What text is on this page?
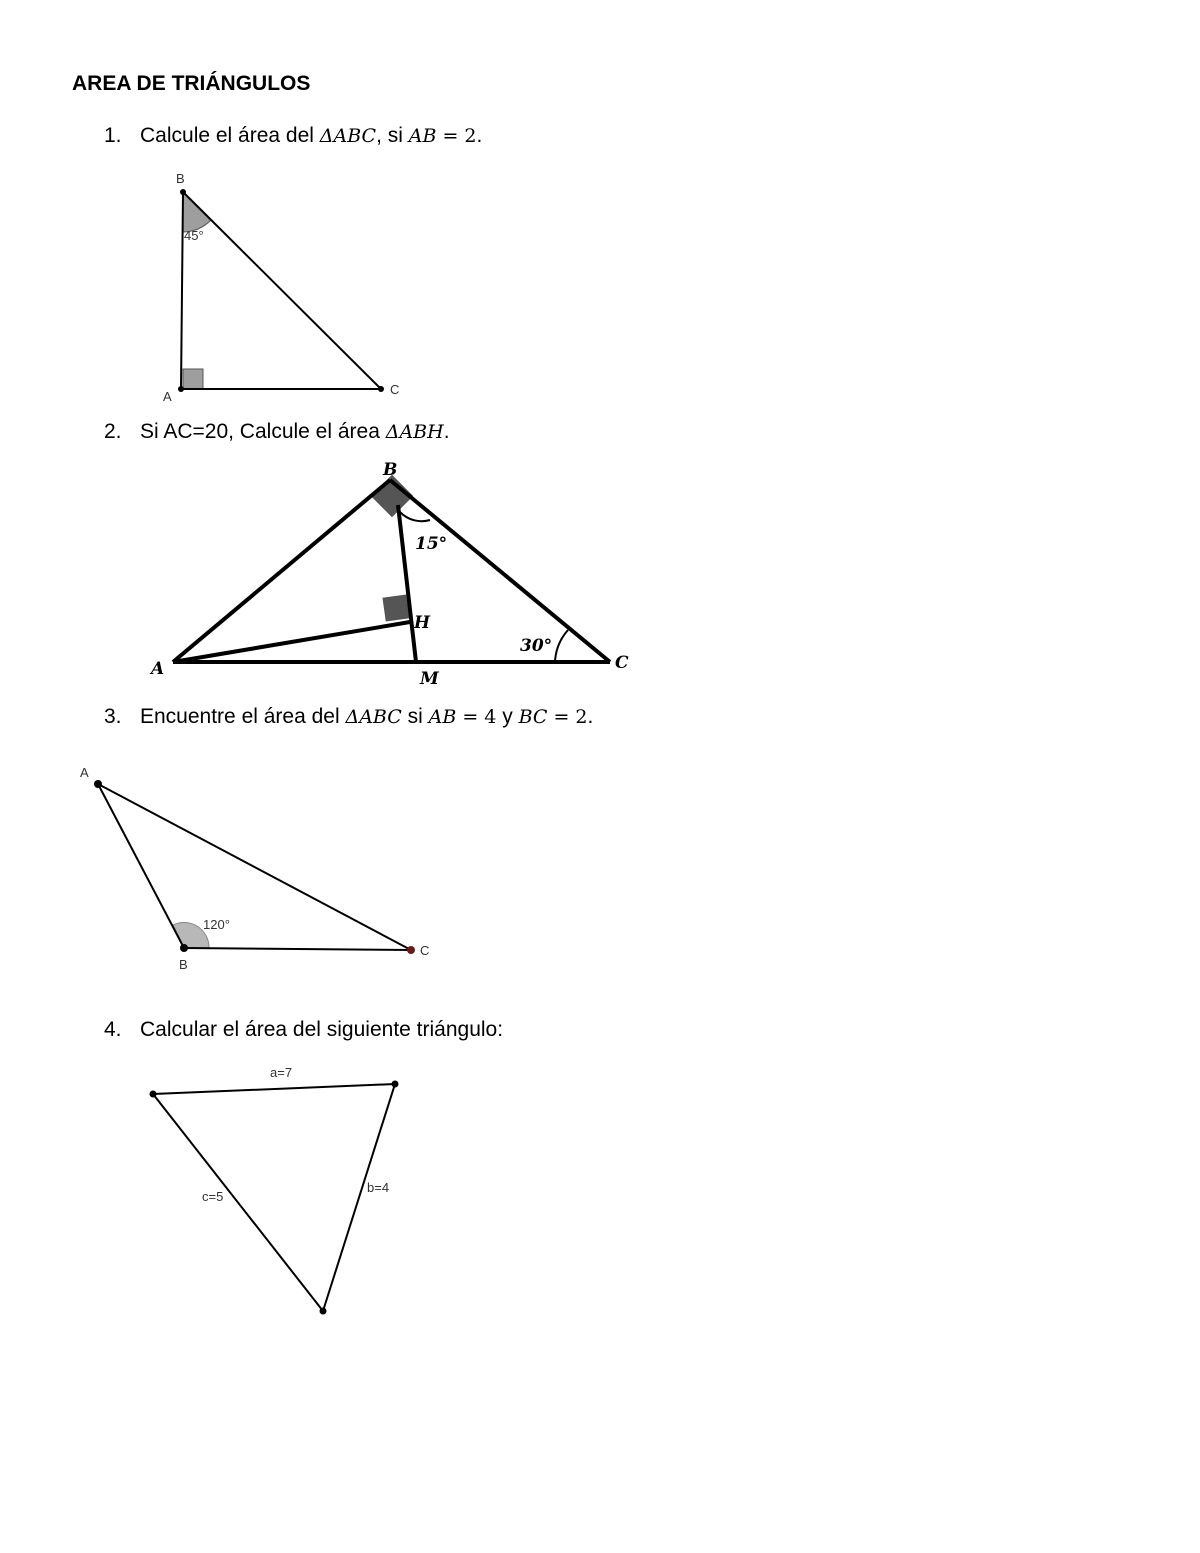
AREA DE TRIÁNGULOS
1. Calcule el área del ΔABC, si AB = 2.
B
A	C
45°
2. Si AC=20, Calcule el área ΔABH.
B
A	C
H
M
15°
30°
3. Encuentre el área del ΔABC si AB = 4 y BC = 2.
A
B
C
120°
4. Calcular el área del siguiente triángulo:
a=7
b=4
c=5
